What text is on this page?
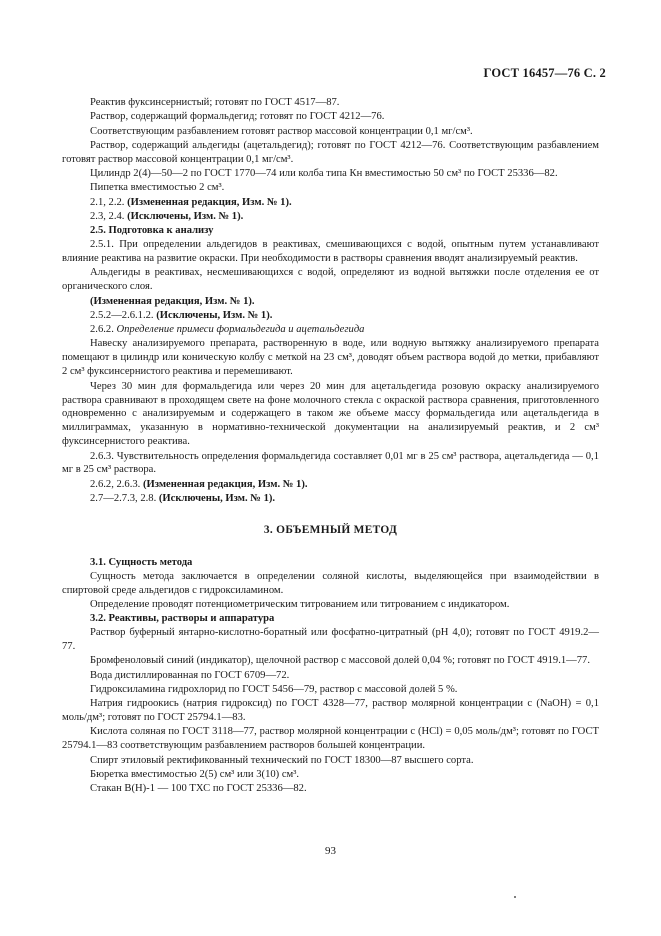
ГОСТ 16457—76 С. 2

Реактив фуксинсернистый; готовят по ГОСТ 4517—87.

Раствор, содержащий формальдегид; готовят по ГОСТ 4212—76.

Соответствующим разбавлением готовят раствор массовой концентрации 0,1 мг/см³.

Раствор, содержащий альдегиды (ацетальдегид); готовят по ГОСТ 4212—76. Соответствующим разбавлением готовят раствор массовой концентрации 0,1 мг/см³.

Цилиндр 2(4)—50—2 по ГОСТ 1770—74 или колба типа Кн вместимостью 50 см³ по ГОСТ 25336—82.

Пипетка вместимостью 2 см³.

2.1, 2.2. (Измененная редакция, Изм. № 1).

2.3, 2.4. (Исключены, Изм. № 1).

2.5. Подготовка к анализу

2.5.1. При определении альдегидов в реактивах, смешивающихся с водой, опытным путем устанавливают влияние реактива на развитие окраски. При необходимости в растворы сравнения вводят анализируемый реактив.

Альдегиды в реактивах, несмешивающихся с водой, определяют из водной вытяжки после отделения ее от органического слоя.

(Измененная редакция, Изм. № 1).

2.5.2—2.6.1.2. (Исключены, Изм. № 1).

2.6.2. Определение примеси формальдегида и ацетальдегида

Навеску анализируемого препарата, растворенную в воде, или водную вытяжку анализируемого препарата помещают в цилиндр или коническую колбу с меткой на 23 см³, доводят объем раствора водой до метки, прибавляют 2 см³ фуксинсернистого реактива и перемешивают.

Через 30 мин для формальдегида или через 20 мин для ацетальдегида розовую окраску анализируемого раствора сравнивают в проходящем свете на фоне молочного стекла с окраской раствора сравнения, приготовленного одновременно с анализируемым и содержащего в таком же объеме массу формальдегида или ацетальдегида в миллиграммах, указанную в нормативно-технической документации на анализируемый реактив, и 2 см³ фуксинсернистого реактива.

2.6.3. Чувствительность определения формальдегида составляет 0,01 мг в 25 см³ раствора, ацетальдегида — 0,1 мг в 25 см³ раствора.

2.6.2, 2.6.3. (Измененная редакция, Изм. № 1).

2.7—2.7.3, 2.8. (Исключены, Изм. № 1).

3. ОБЪЕМНЫЙ МЕТОД

3.1. Сущность метода

Сущность метода заключается в определении соляной кислоты, выделяющейся при взаимодействии в спиртовой среде альдегидов с гидроксиламином.

Определение проводят потенциометрическим титрованием или титрованием с индикатором.

3.2. Реактивы, растворы и аппаратура

Раствор буферный янтарно-кислотно-боратный или фосфатно-цитратный (pH 4,0); готовят по ГОСТ 4919.2—77.

Бромфеноловый синий (индикатор), щелочной раствор с массовой долей 0,04 %; готовят по ГОСТ 4919.1—77.

Вода дистиллированная по ГОСТ 6709—72.

Гидроксиламина гидрохлорид по ГОСТ 5456—79, раствор с массовой долей 5 %.

Натрия гидроокись (натрия гидроксид) по ГОСТ 4328—77, раствор молярной концентрации c (NaOH) = 0,1 моль/дм³; готовят по ГОСТ 25794.1—83.

Кислота соляная по ГОСТ 3118—77, раствор молярной концентрации c (HCl) = 0,05 моль/дм³; готовят по ГОСТ 25794.1—83 соответствующим разбавлением растворов большей концентрации.

Спирт этиловый ректификованный технический по ГОСТ 18300—87 высшего сорта.

Бюретка вместимостью 2(5) см³ или 3(10) см³.

Стакан В(Н)-1 — 100 ТХС по ГОСТ 25336—82.

93
